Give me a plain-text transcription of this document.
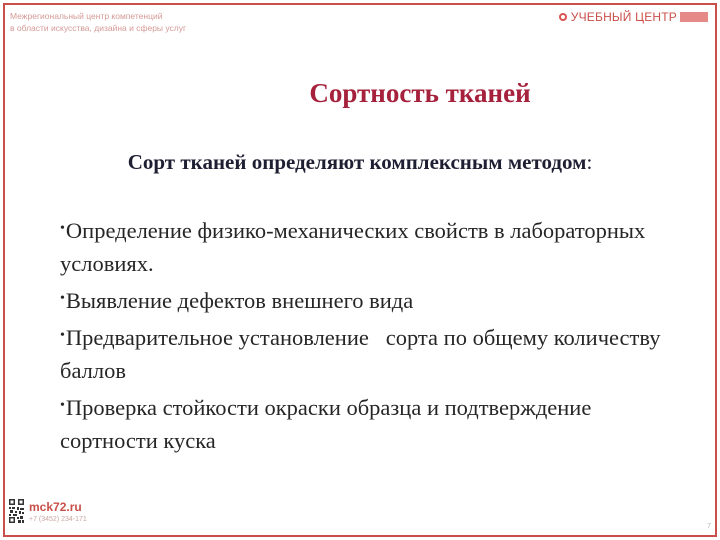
Межрегиональный центр компетенций
в области искусства, дизайна и сферы услуг
УЧЕБНЫЙ ЦЕНТР
Сортность тканей
Сорт тканей определяют комплексным методом:
•Определение физико-механических свойств в лабораторных условиях.
•Выявление дефектов внешнего вида
•Предварительное установление   сорта по общему количеству баллов
•Проверка стойкости окраски образца и подтверждение сортности куска
mck72.ru
+7 (3452) 234-171
7
